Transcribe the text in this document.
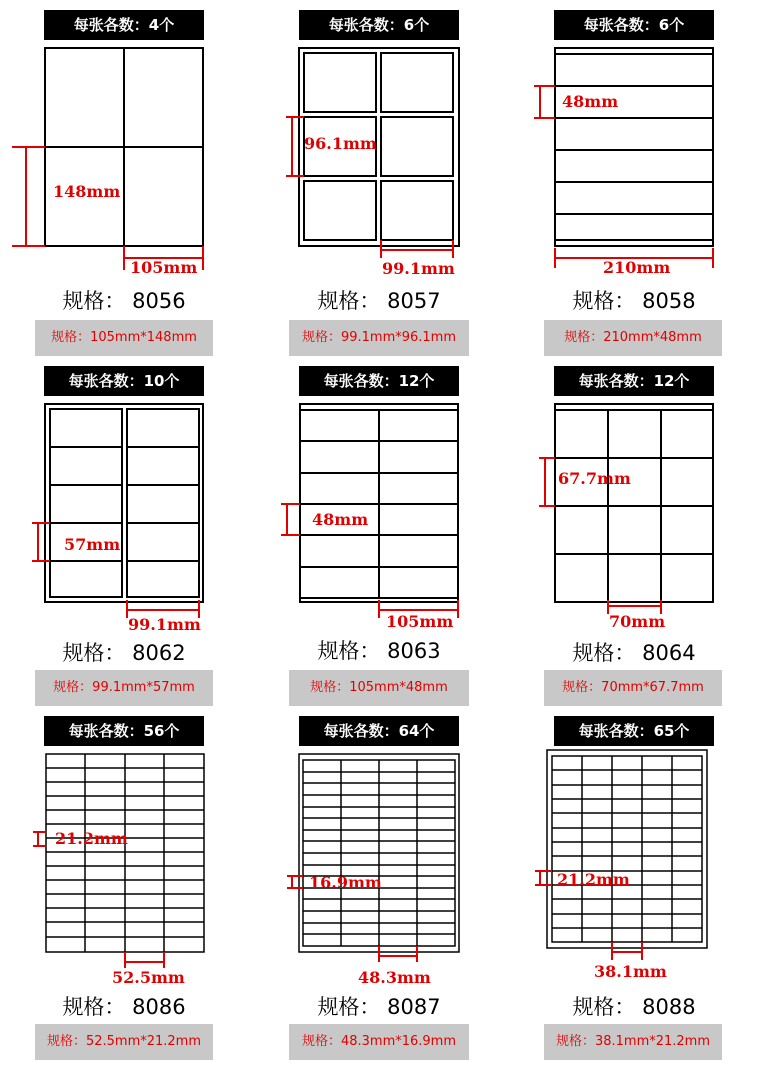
每张各数：4个	每张各数：6个	每张各数：6个
每张各数：10个	每张各数：12个	每张各数：12个
每张各数：56个	每张各数：64个	每张各数：65个
148mm
105mm
96.1mm
99.1mm
48mm
210mm
57mm
99.1mm
48mm
105mm
67.7mm
70mm
21.2mm
52.5mm
16.9mm
48.3mm
21.2mm
38.1mm
规格： 8056	规格： 8057	规格： 8058
规格： 8062	规格： 8063	规格： 8064
规格： 8086	规格： 8087	规格： 8088
规格：105mm*148mm	规格：99.1mm*96.1mm	规格：210mm*48mm
规格：99.1mm*57mm	规格：105mm*48mm	规格：70mm*67.7mm
规格：52.5mm*21.2mm	规格：48.3mm*16.9mm	规格：38.1mm*21.2mm
